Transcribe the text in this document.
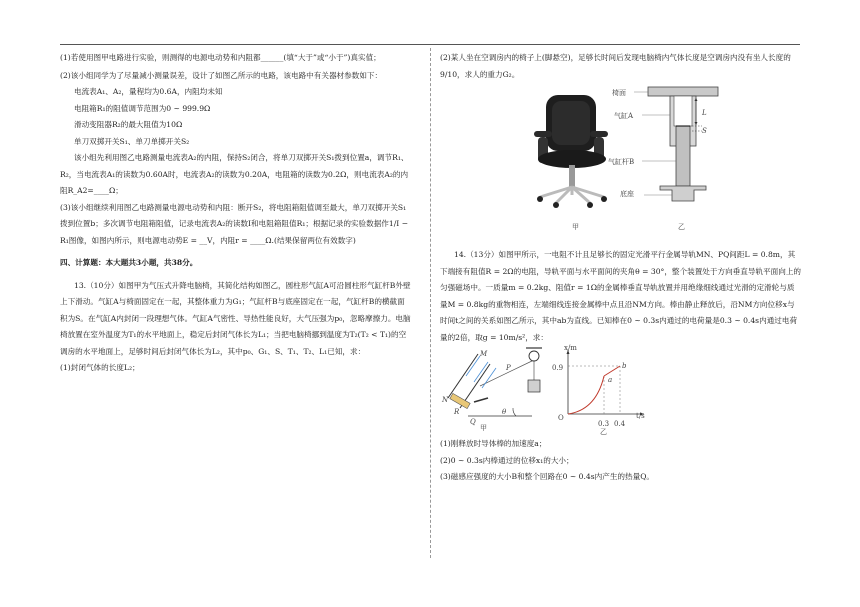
(1)若使用图甲电路进行实验，则测得的电源电动势和内阻都______(填“大于”或“小于”)真实值；

(2)该小组同学为了尽量减小测量误差，设计了如图乙所示的电路，该电路中有关器材参数如下：

电流表A₁、A₂，量程均为0.6A，内阻均未知

电阻箱R₁的阻值调节范围为0 ~ 999.9Ω

滑动变阻器R₂的最大阻值为10Ω

单刀双掷开关S₁、单刀单掷开关S₂

该小组先利用图乙电路测量电流表A₂的内阻，保持S₂闭合，将单刀双掷开关S₁拨到位置a，调节R₁、R₂，当电流表A₁的读数为0.60A时，电流表A₂的读数为0.20A，电阻箱的读数为0.2Ω，则电流表A₂的内阻R_A2=____Ω；

(3)该小组继续利用图乙电路测量电源电动势和内阻：断开S₂，将电阻箱阻值调至最大，单刀双掷开关S₁拨到位置b；多次调节电阻箱阻值，记录电流表A₂的读数I和电阻箱阻值R₁；根据记录的实验数据作1/I − R₁图像，如图内所示，则电源电动势E = __V，内阻r = ____Ω.(结果保留两位有效数字)

四、计算题：本大题共3小题，共38分。

13.（10分）如图甲为气压式升降电脑椅，其简化结构如图乙，圆柱形气缸A可沿圆柱形气缸杆B外壁上下滑动。气缸A与椅面固定在一起，其整体重力为G₁；气缸杆B与底座固定在一起，气缸杆B的横截面积为S。在气缸A内封闭一段理想气体。气缸A气密性、导热性能良好，大气压强为p₀，忽略摩擦力。电脑椅放置在室外温度为T₁的水平地面上，稳定后封闭气体长为L₁；当把电脑椅挪到温度为T₂(T₂ < T₁)的空调房的水平地面上，足够时间后封闭气体长为L₂，其中p₀、G₁、S、T₁、T₂、L₁已知，求：

(1)封闭气体的长度L₂；

(2)某人坐在空调房内的椅子上(脚悬空)，足够长时间后发现电脑椅内气体长度是空调房内没有坐人长度的9/10，求人的重力G₂。

甲
椅面
气缸A
气缸杆B
底座
L
S
乙

14.（13分）如图甲所示，一电阻不计且足够长的固定光滑平行金属导轨MN、PQ间距L = 0.8m，其下端接有阻值R = 2Ω的电阻，导轨平面与水平面间的夹角θ = 30°，整个装置处于方向垂直导轨平面向上的匀强磁场中。一质量m = 0.2kg、阻值r = 1Ω的金属棒垂直导轨放置并用绝缘细线通过光滑的定滑轮与质量M = 0.8kg的重物相连，左端细线连接金属棒中点且沿NM方向。棒由静止释放后，沿NM方向位移x与时间t之间的关系如图乙所示，其中ab为直线。已知棒在0 ~ 0.3s内通过的电荷量是0.3 ~ 0.4s内通过电荷量的2倍，取g = 10m/s²，求：

M
N
R
P
Q
θ
甲
x/m
t/s
O
0.9
0.3 0.4
a
b
乙

(1)刚释放时导体棒的加速度a；

(2)0 ~ 0.3s内棒通过的位移x₁的大小；

(3)磁感应强度的大小B和整个回路在0 ~ 0.4s内产生的热量Q。
